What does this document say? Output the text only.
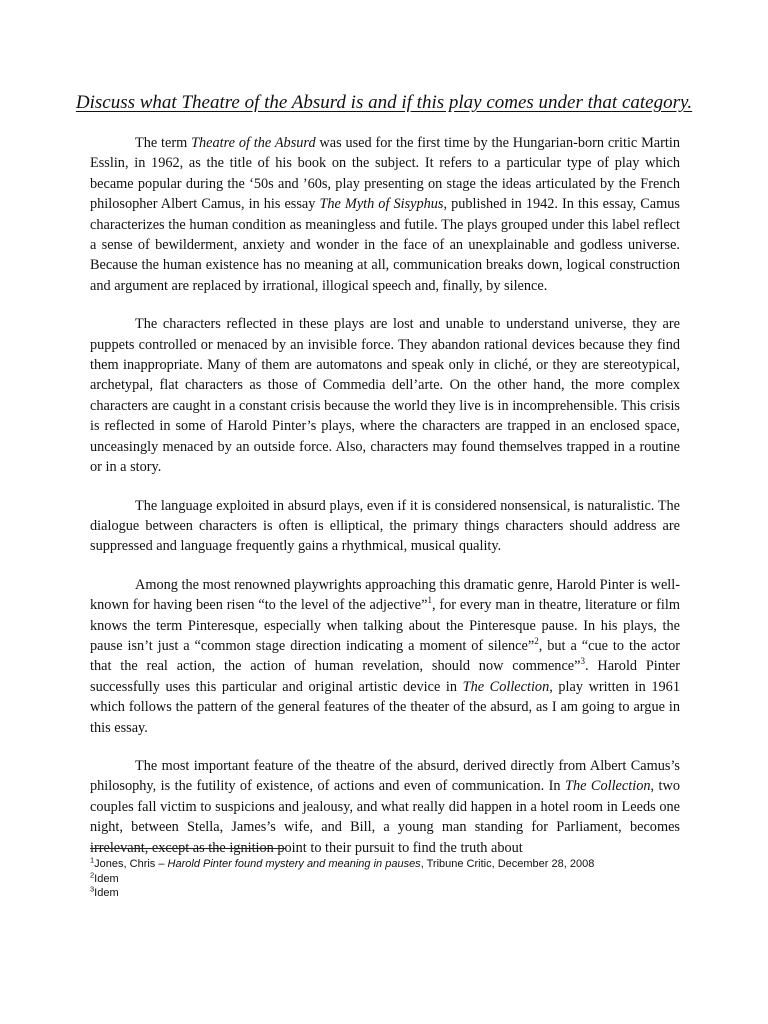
Discuss what Theatre of the Absurd is and if this play comes under that category.

The term Theatre of the Absurd was used for the first time by the Hungarian-born critic Martin Esslin, in 1962, as the title of his book on the subject. It refers to a particular type of play which became popular during the ‘50s and ’60s, play presenting on stage the ideas articulated by the French philosopher Albert Camus, in his essay The Myth of Sisyphus, published in 1942. In this essay, Camus characterizes the human condition as meaningless and futile. The plays grouped under this label reflect a sense of bewilderment, anxiety and wonder in the face of an unexplainable and godless universe. Because the human existence has no meaning at all, communication breaks down, logical construction and argument are replaced by irrational, illogical speech and, finally, by silence.

The characters reflected in these plays are lost and unable to understand universe, they are puppets controlled or menaced by an invisible force. They abandon rational devices because they find them inappropriate. Many of them are automatons and speak only in cliché, or they are stereotypical, archetypal, flat characters as those of Commedia dell’arte. On the other hand, the more complex characters are caught in a constant crisis because the world they live is in incomprehensible. This crisis is reflected in some of Harold Pinter’s plays, where the characters are trapped in an enclosed space, unceasingly menaced by an outside force. Also, characters may found themselves trapped in a routine or in a story.

The language exploited in absurd plays, even if it is considered nonsensical, is naturalistic. The dialogue between characters is often is elliptical, the primary things characters should address are suppressed and language frequently gains a rhythmical, musical quality.

Among the most renowned playwrights approaching this dramatic genre, Harold Pinter is well-known for having been risen “to the level of the adjective”$^1$, for every man in theatre, literature or film knows the term Pinteresque, especially when talking about the Pinteresque pause. In his plays, the pause isn’t just a “common stage direction indicating a moment of silence”$^2$, but a “cue to the actor that the real action, the action of human revelation, should now commence”$^3$. Harold Pinter successfully uses this particular and original artistic device in The Collection, play written in 1961 which follows the pattern of the general features of the theater of the absurd, as I am going to argue in this essay.

The most important feature of the theatre of the absurd, derived directly from Albert Camus’s philosophy, is the futility of existence, of actions and even of communication. In The Collection, two couples fall victim to suspicions and jealousy, and what really did happen in a hotel room in Leeds one night, between Stella, James’s wife, and Bill, a young man standing for Parliament, becomes irrelevant, except as the ignition point to their pursuit to find the truth about

$^1$Jones, Chris – Harold Pinter found mystery and meaning in pauses, Tribune Critic, December 28, 2008
$^2$Idem
$^3$Idem
